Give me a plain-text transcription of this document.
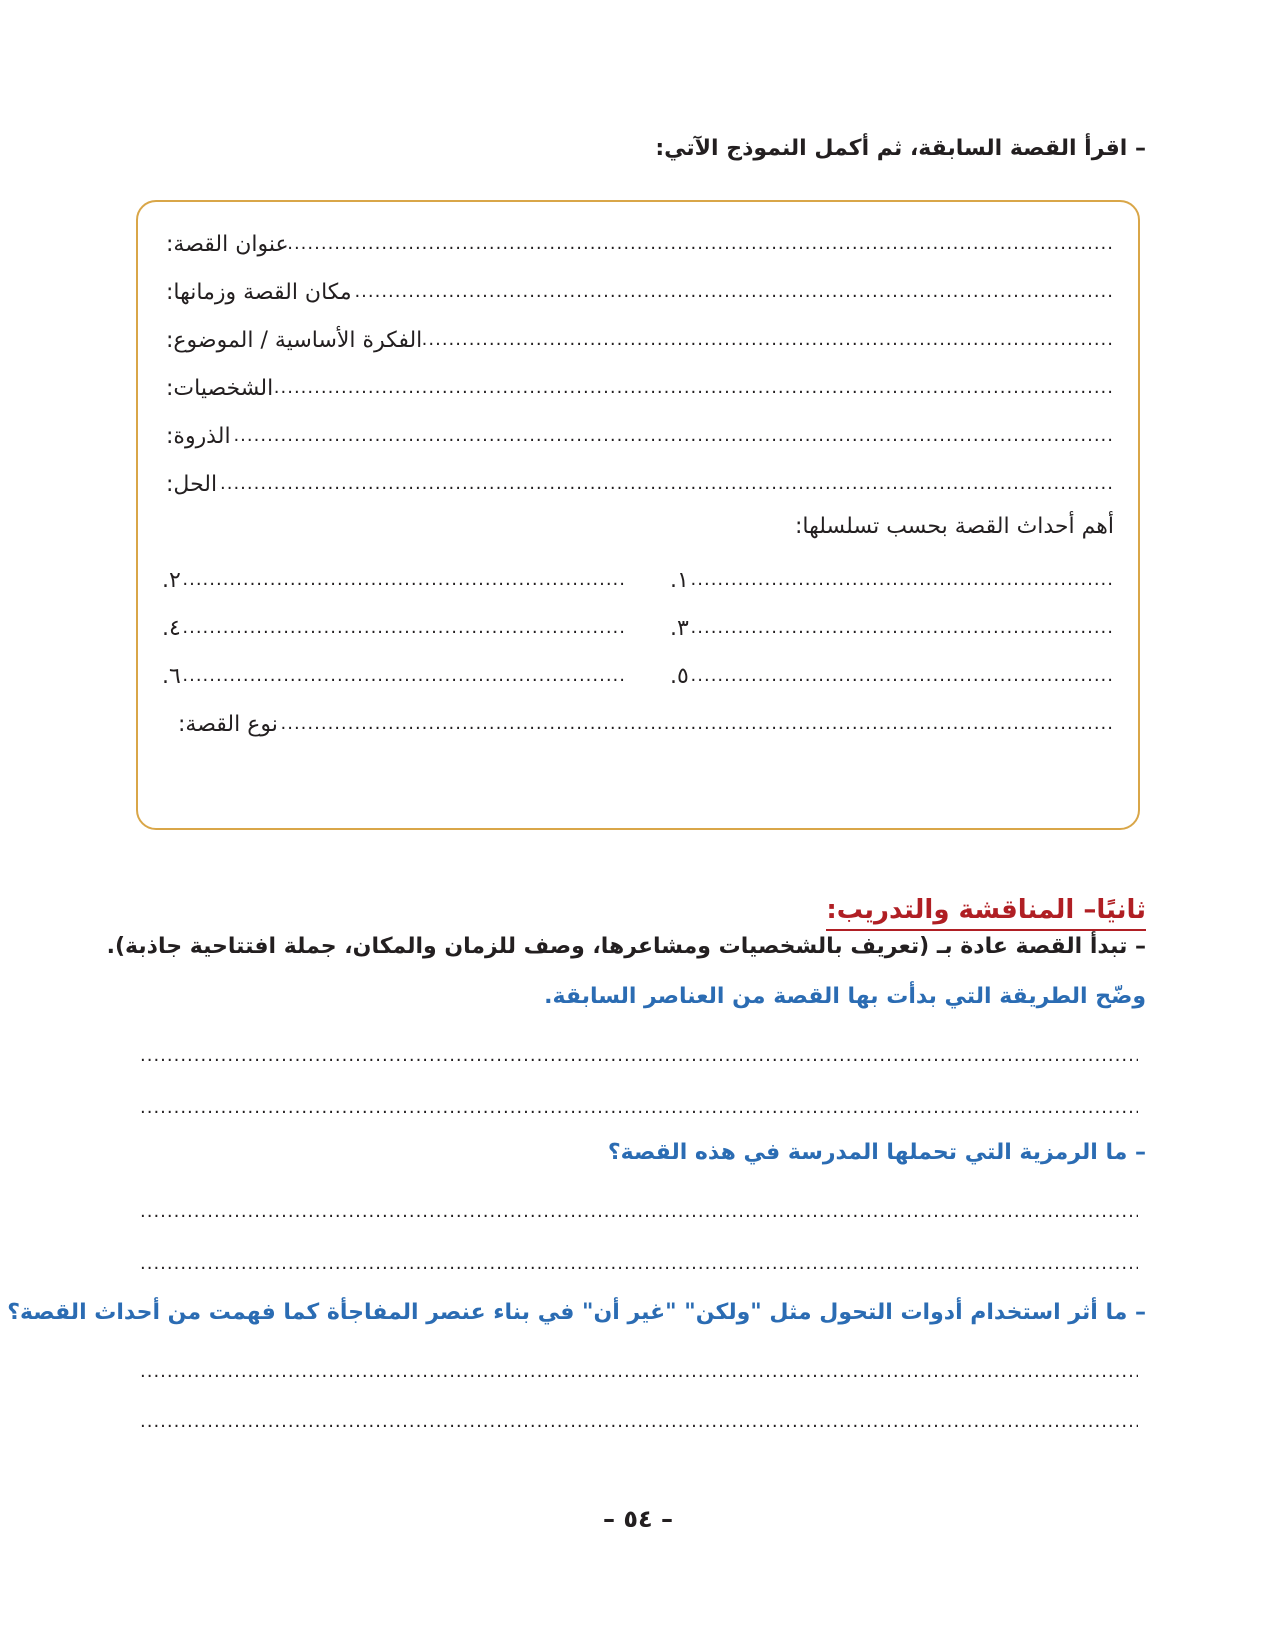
– اقرأ القصة السابقة، ثم أكمل النموذج الآتي:
عنوان القصة:
.....
مكان القصة وزمانها:
.....
الفكرة الأساسية / الموضوع:
.....
الشخصيات:
.....
الذروة:
.....
الحل:
.....
أهم أحداث القصة بحسب تسلسلها:
١.
.....
٢.
.....
٣.
.....
٤.
.....
٥.
.....
٦.
.....
نوع القصة:
.....
ثانيًا– المناقشة والتدريب:
– تبدأ القصة عادة بـ (تعريف بالشخصيات ومشاعرها، وصف للزمان والمكان، جملة افتتاحية جاذبة).
وضّح الطريقة التي بدأت بها القصة من العناصر السابقة.
.....
.....
– ما الرمزية التي تحملها المدرسة في هذه القصة؟
.....
.....
– ما أثر استخدام أدوات التحول مثل "ولكن" "غير أن" في بناء عنصر المفاجأة كما فهمت من أحداث القصة؟
.....
.....
– ٥٤ –
